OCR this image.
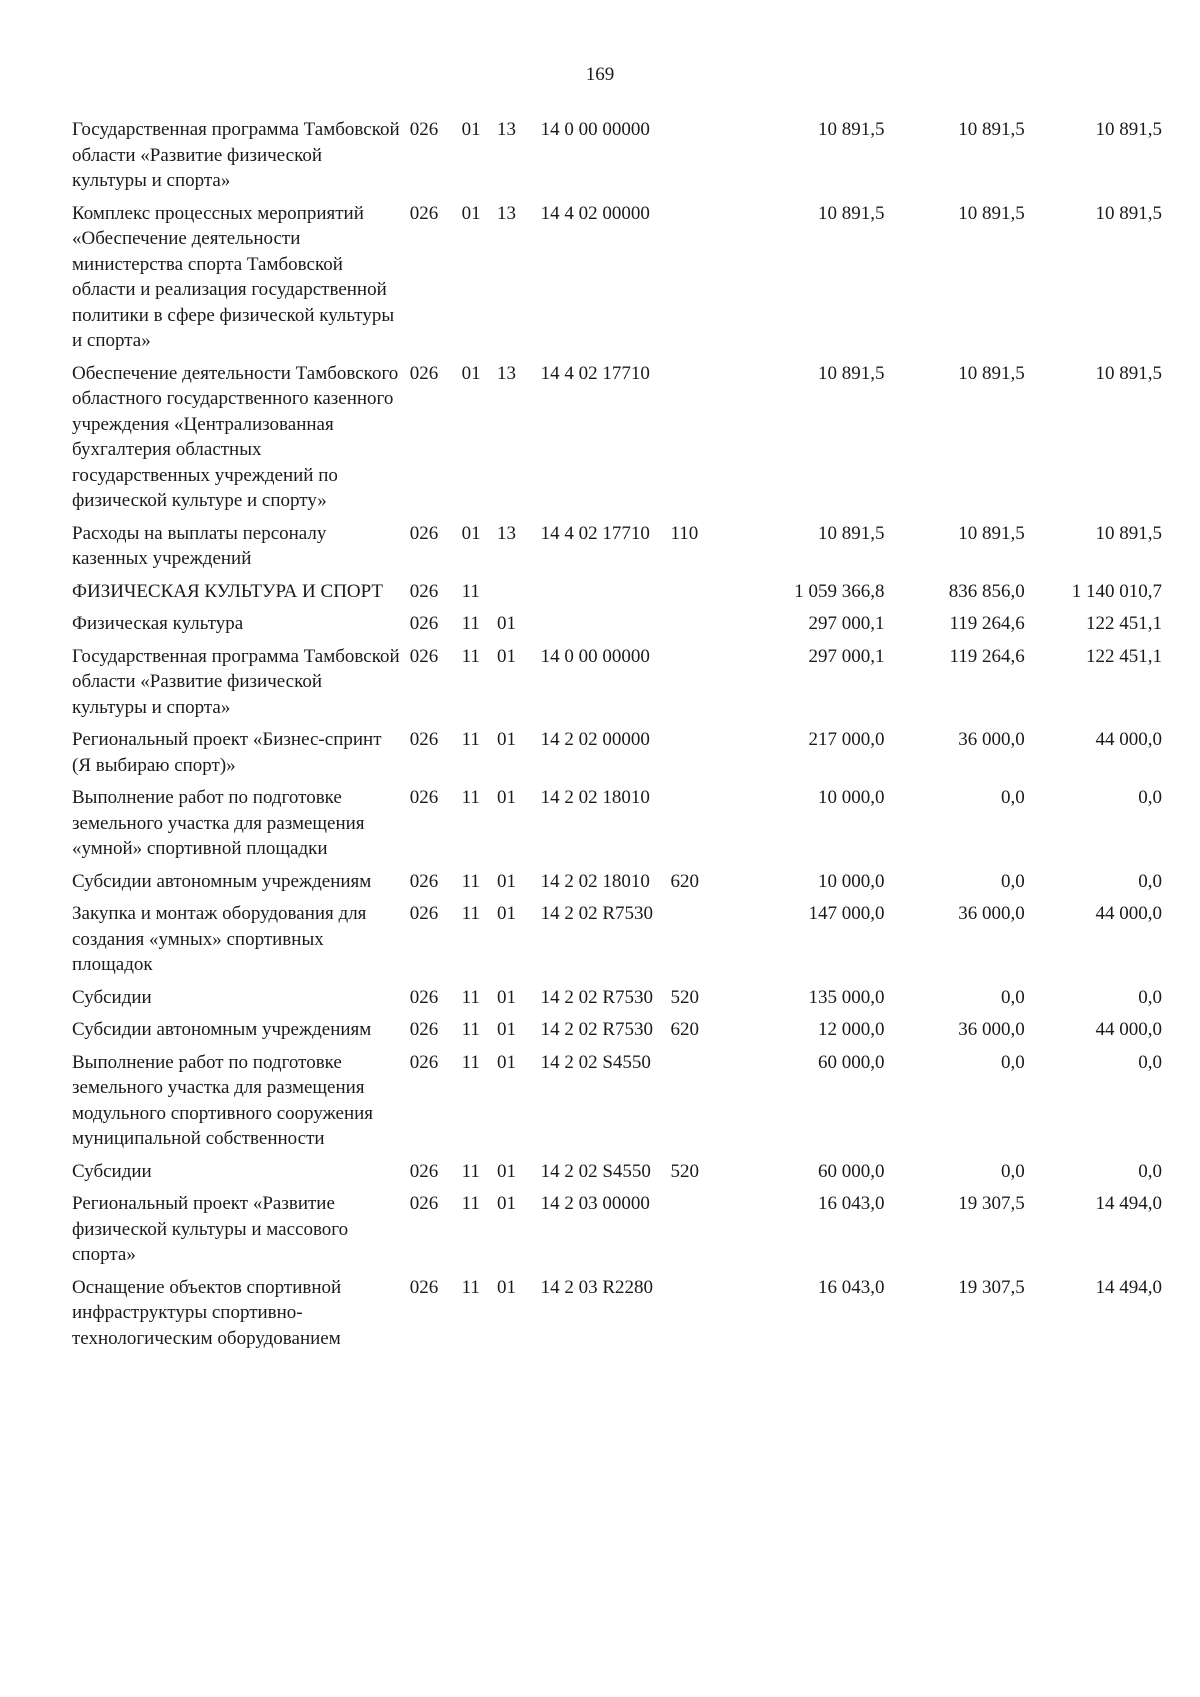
169
Государственная программа Тамбовской области «Развитие физической культуры и спорта»	026	01	13	14 0 00 00000		10 891,5	10 891,5	10 891,5
Комплекс процессных мероприятий «Обеспечение деятельности министерства спорта Тамбовской области и реализация государственной политики в сфере физической культуры и спорта»	026	01	13	14 4 02 00000		10 891,5	10 891,5	10 891,5
Обеспечение деятельности Тамбовского областного государственного казенного учреждения «Централизованная бухгалтерия областных государственных учреждений по физической культуре и спорту»	026	01	13	14 4 02 17710		10 891,5	10 891,5	10 891,5
Расходы на выплаты персоналу казенных учреждений	026	01	13	14 4 02 17710	110	10 891,5	10 891,5	10 891,5
ФИЗИЧЕСКАЯ КУЛЬТУРА И СПОРТ	026	11				1 059 366,8	836 856,0	1 140 010,7
Физическая культура	026	11	01			297 000,1	119 264,6	122 451,1
Государственная программа Тамбовской области «Развитие физической культуры и спорта»	026	11	01	14 0 00 00000		297 000,1	119 264,6	122 451,1
Региональный проект «Бизнес-спринт (Я выбираю спорт)»	026	11	01	14 2 02 00000		217 000,0	36 000,0	44 000,0
Выполнение работ по подготовке земельного участка для размещения «умной» спортивной площадки	026	11	01	14 2 02 18010		10 000,0	0,0	0,0
Субсидии автономным учреждениям	026	11	01	14 2 02 18010	620	10 000,0	0,0	0,0
Закупка и монтаж оборудования для создания «умных» спортивных площадок	026	11	01	14 2 02 R7530		147 000,0	36 000,0	44 000,0
Субсидии	026	11	01	14 2 02 R7530	520	135 000,0	0,0	0,0
Субсидии автономным учреждениям	026	11	01	14 2 02 R7530	620	12 000,0	36 000,0	44 000,0
Выполнение работ по подготовке земельного участка для размещения модульного спортивного сооружения муниципальной собственности	026	11	01	14 2 02 S4550		60 000,0	0,0	0,0
Субсидии	026	11	01	14 2 02 S4550	520	60 000,0	0,0	0,0
Региональный проект «Развитие физической культуры и массового спорта»	026	11	01	14 2 03 00000		16 043,0	19 307,5	14 494,0
Оснащение объектов спортивной инфраструктуры спортивно-технологическим оборудованием	026	11	01	14 2 03 R2280		16 043,0	19 307,5	14 494,0
